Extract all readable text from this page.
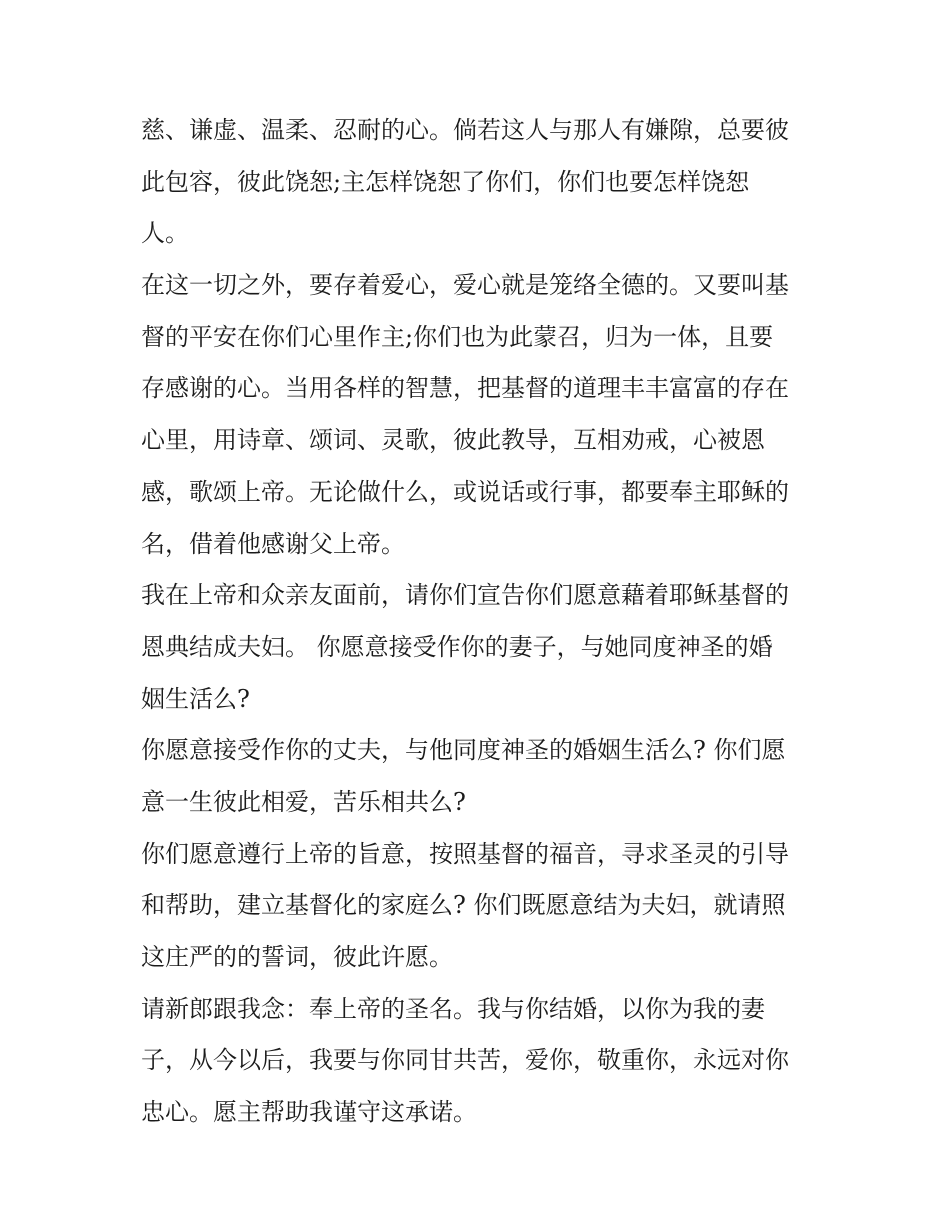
慈、谦虚、温柔、忍耐的心。倘若这人与那人有嫌隙，总要彼
此包容，彼此饶恕;主怎样饶恕了你们，你们也要怎样饶恕
人。
在这一切之外，要存着爱心，爱心就是笼络全德的。又要叫基
督的平安在你们心里作主;你们也为此蒙召，归为一体，且要
存感谢的心。当用各样的智慧，把基督的道理丰丰富富的存在
心里，用诗章、颂词、灵歌，彼此教导，互相劝戒，心被恩
感，歌颂上帝。无论做什么，或说话或行事，都要奉主耶稣的
名，借着他感谢父上帝。
我在上帝和众亲友面前，请你们宣告你们愿意藉着耶稣基督的
恩典结成夫妇。 你愿意接受作你的妻子，与她同度神圣的婚
姻生活么?
你愿意接受作你的丈夫，与他同度神圣的婚姻生活么? 你们愿
意一生彼此相爱，苦乐相共么?
你们愿意遵行上帝的旨意，按照基督的福音，寻求圣灵的引导
和帮助，建立基督化的家庭么? 你们既愿意结为夫妇，就请照
这庄严的的誓词，彼此许愿。
请新郎跟我念：奉上帝的圣名。我与你结婚，以你为我的妻
子，从今以后，我要与你同甘共苦，爱你，敬重你，永远对你
忠心。愿主帮助我谨守这承诺。
